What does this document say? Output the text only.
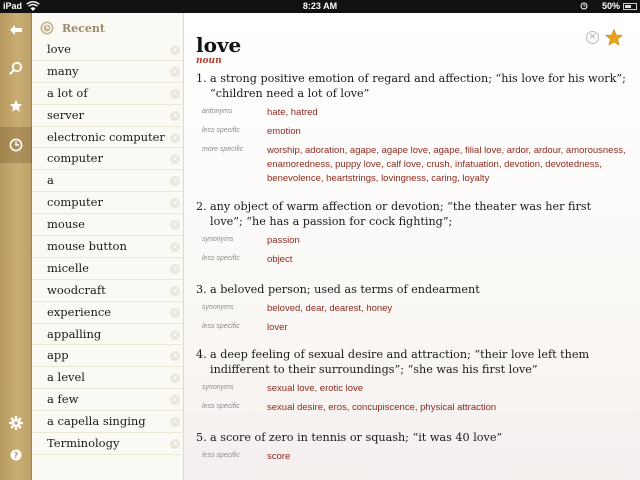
iPad	8:23 AM	50%
?
Recent
love	×
many	×
a lot of	×
server	×
electronic computer ×
computer	×
a	×
computer	×
mouse	×
mouse button	×
micelle	×
woodcraft	×
experience	×
appalling	×
app	×
a level	×
a few	×
a capella singing	×
Terminology	×
love
noun
×
1. a strong positive emotion of regard and affection; “his love for his work”; “children need a lot of love”
antonyms	hate, hatred
less specific	emotion
more specific	worship, adoration, agape, agape love, agape, filial love, ardor, ardour, amorousness, enamoredness, puppy love, calf love, crush, infatuation, devotion, devotedness, benevolence, heartstrings, lovingness, caring, loyalty
2. any object of warm affection or devotion; “the theater was her first love”; “he has a passion for cock fighting”;
synonyms	passion
less specific	object
3. a beloved person; used as terms of endearment
synonyms	beloved, dear, dearest, honey
less specific	lover
4. a deep feeling of sexual desire and attraction; “their love left them indifferent to their surroundings”; “she was his first love”
synonyms	sexual love, erotic love
less specific	sexual desire, eros, concupiscence, physical attraction
5. a score of zero in tennis or squash; “it was 40 love”
less specific	score
